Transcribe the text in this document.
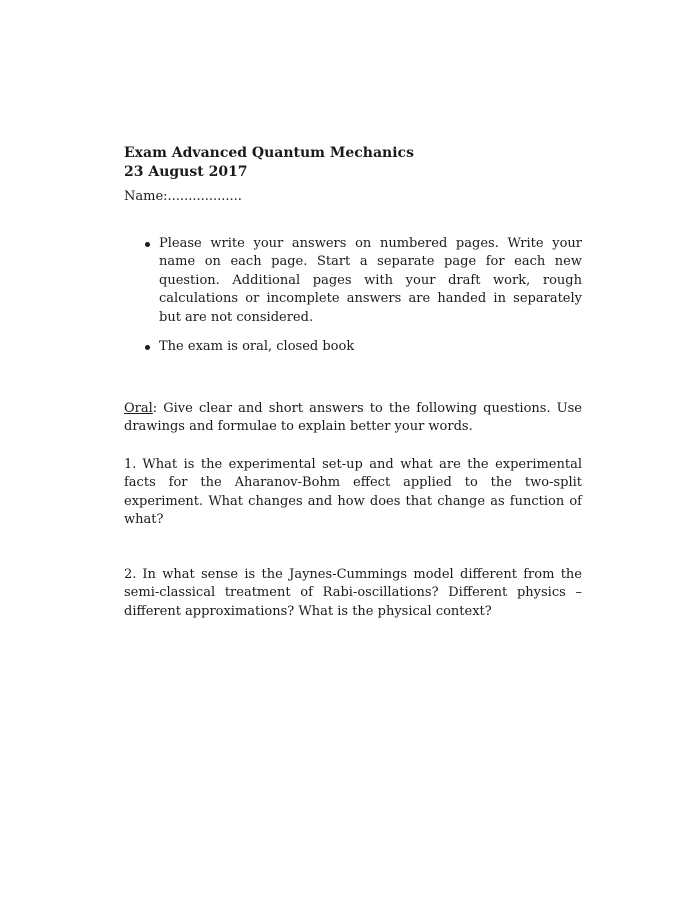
Exam Advanced Quantum Mechanics

23 August 2017

Name:..................
Please write your answers on numbered pages. Write your name on each page. Start a separate page for each new question. Additional pages with your draft work, rough calculations or incomplete answers are handed in separately but are not considered.
The exam is oral, closed book
Oral: Give clear and short answers to the following questions. Use drawings and formulae to explain better your words.
1. What is the experimental set-up and what are the experimental facts for the Aharanov-Bohm effect applied to the two-split experiment. What changes and how does that change as function of what?
2. In what sense is the Jaynes-Cummings model different from the semi-classical treatment of Rabi-oscillations? Different physics – different approximations? What is the physical context?
